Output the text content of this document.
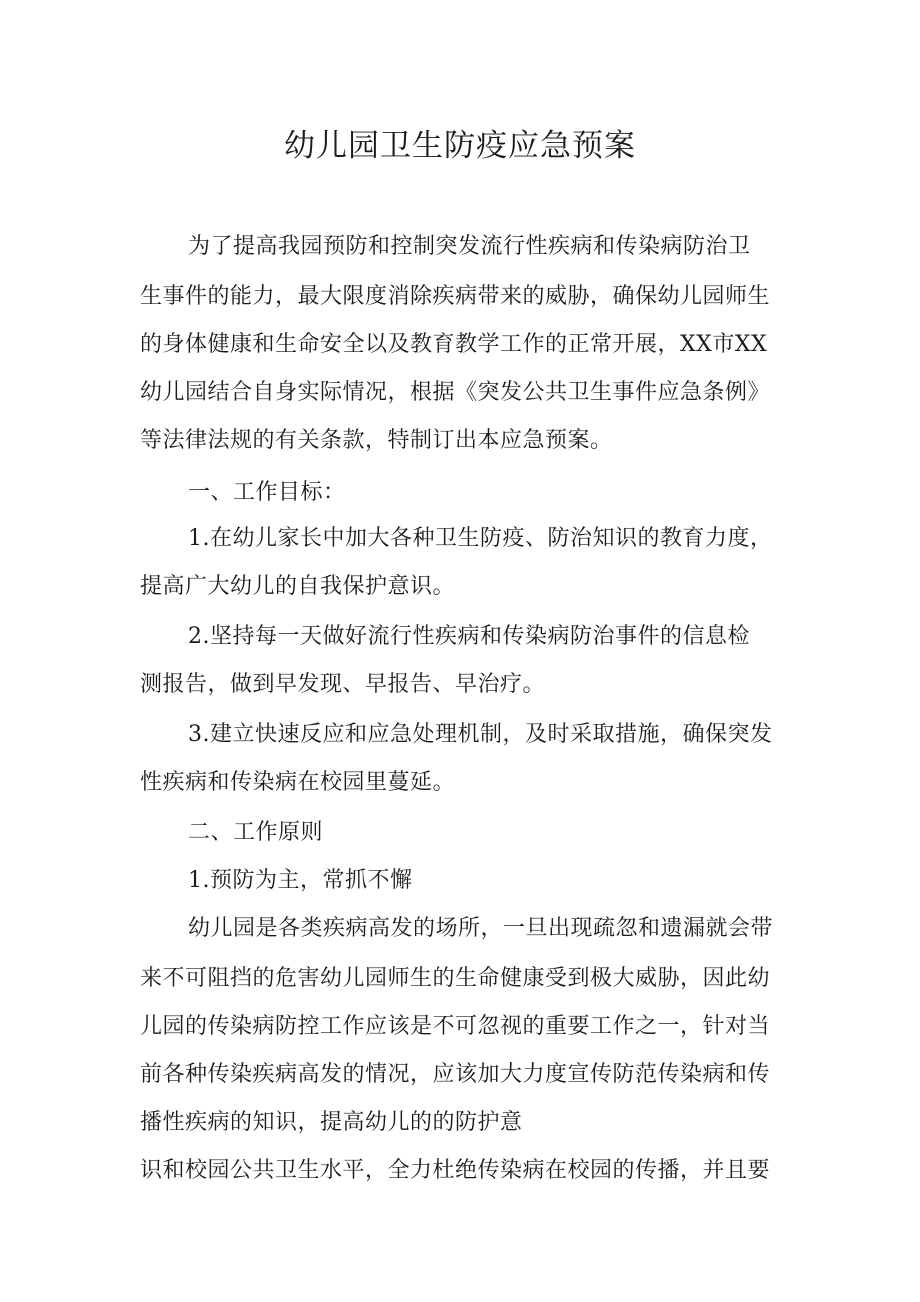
幼儿园卫生防疫应急预案

为了提高我园预防和控制突发流行性疾病和传染病防治卫

生事件的能力，最大限度消除疾病带来的威胁，确保幼儿园师生

的身体健康和生命安全以及教育教学工作的正常开展，XX市XX

幼儿园结合自身实际情况，根据《突发公共卫生事件应急条例》

等法律法规的有关条款，特制订出本应急预案。

一、工作目标：

1.在幼儿家长中加大各种卫生防疫、防治知识的教育力度，

提高广大幼儿的自我保护意识。

2.坚持每一天做好流行性疾病和传染病防治事件的信息检

测报告，做到早发现、早报告、早治疗。

3.建立快速反应和应急处理机制，及时采取措施，确保突发

性疾病和传染病在校园里蔓延。

二、工作原则

1.预防为主，常抓不懈

幼儿园是各类疾病高发的场所，一旦出现疏忽和遗漏就会带

来不可阻挡的危害幼儿园师生的生命健康受到极大威胁，因此幼

儿园的传染病防控工作应该是不可忽视的重要工作之一，针对当

前各种传染疾病高发的情况，应该加大力度宣传防范传染病和传

播性疾病的知识，提高幼儿的的防护意

识和校园公共卫生水平，全力杜绝传染病在校园的传播，并且要
